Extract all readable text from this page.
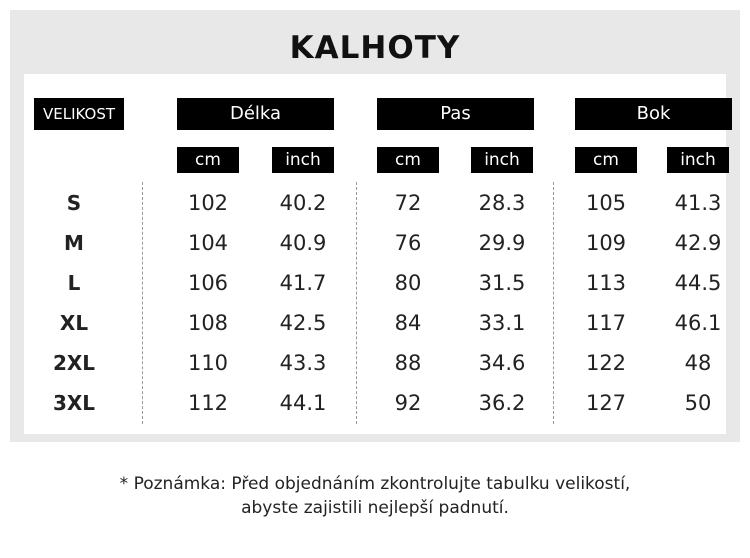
KALHOTY
VELIKOST	Délka	Pas	Bok
cm	inch	cm	inch	cm	inch
S	102	40.2	72	28.3	105	41.3
M	104	40.9	76	29.9	109	42.9
L	106	41.7	80	31.5	113	44.5
XL	108	42.5	84	33.1	117	46.1
2XL	110	43.3	88	34.6	122	48
3XL	112	44.1	92	36.2	127	50
* Poznámka: Před objednáním zkontrolujte tabulku velikostí,
abyste zajistili nejlepší padnutí.
